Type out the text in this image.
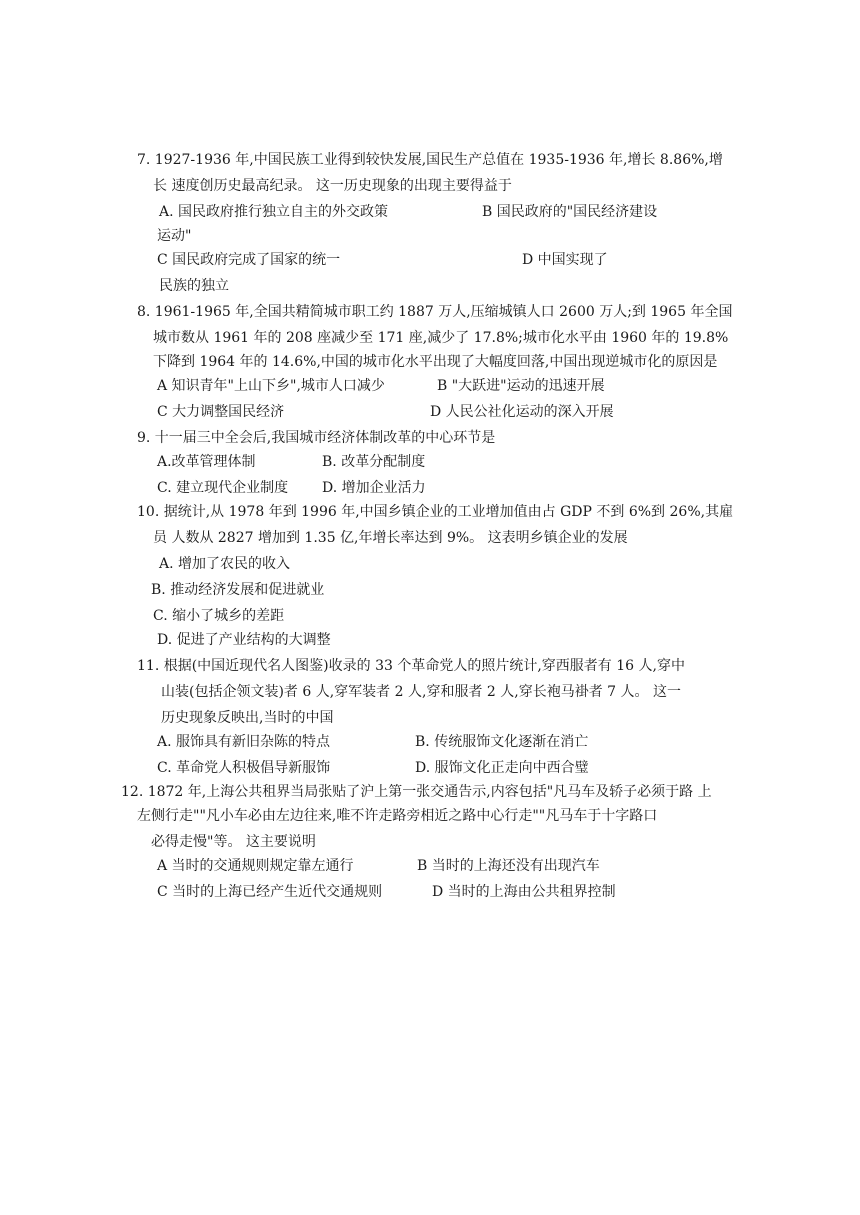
7. 1927-1936 年,中国民族工业得到较快发展,国民生产总值在 1935-1936 年,增长 8.86%,增
长 速度创历史最高纪录。 这一历史现象的出现主要得益于
A. 国民政府推行独立自主的外交政策	B 国民政府的"国民经济建设
运动"
C 国民政府完成了国家的统一	D 中国实现了
民族的独立
8. 1961-1965 年,全国共精简城市职工约 1887 万人,压缩城镇人口 2600 万人;到 1965 年全国
城市数从 1961 年的 208 座减少至 171 座,减少了 17.8%;城市化水平由 1960 年的 19.8%
下降到 1964 年的 14.6%,中国的城市化水平出现了大幅度回落,中国出现逆城市化的原因是
A 知识青年"上山下乡",城市人口减少	B "大跃进"运动的迅速开展
C 大力调整国民经济	D 人民公社化运动的深入开展
9. 十一届三中全会后,我国城市经济体制改革的中心环节是
A.改革管理体制	B. 改革分配制度
C. 建立现代企业制度 D. 增加企业活力
10. 据统计,从 1978 年到 1996 年,中国乡镇企业的工业增加值由占 GDP 不到 6%到 26%,其雇
员 人数从 2827 增加到 1.35 亿,年增长率达到 9%。 这表明乡镇企业的发展
A. 增加了农民的收入
B. 推动经济发展和促进就业
C. 缩小了城乡的差距
D. 促进了产业结构的大调整
11. 根据(中国近现代名人图鉴)收录的 33 个革命党人的照片统计,穿西服者有 16 人,穿中
山装(包括企领文装)者 6 人,穿军装者 2 人,穿和服者 2 人,穿长袍马褂者 7 人。 这一
历史现象反映出,当时的中国
A. 服饰具有新旧杂陈的特点	B. 传统服饰文化逐渐在消亡
C. 革命党人积极倡导新服饰	D. 服饰文化正走向中西合璧
12. 1872 年,上海公共租界当局张贴了沪上第一张交通告示,内容包括"凡马车及轿子必须于路 上
左侧行走""凡小车必由左边往来,唯不许走路旁相近之路中心行走""凡马车于十字路口
必得走慢"等。 这主要说明
A 当时的交通规则规定靠左通行	B 当时的上海还没有出现汽车
C 当时的上海已经产生近代交通规则	D 当时的上海由公共租界控制
